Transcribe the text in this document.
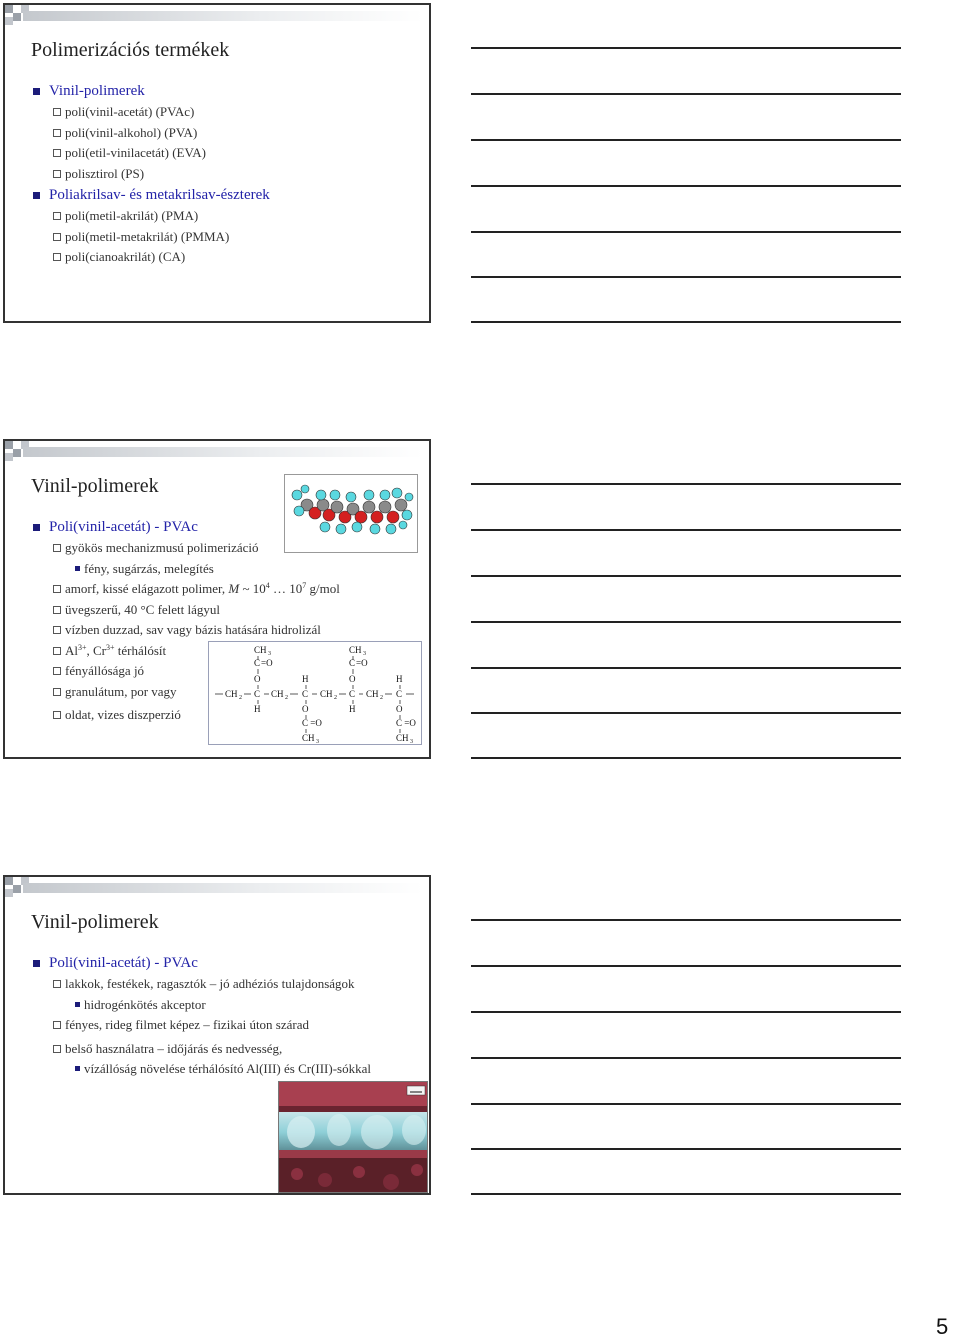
Polimerizációs termékek
Vinil-polimerek
poli(vinil-acetát) (PVAc)
poli(vinil-alkohol) (PVA)
poli(etil-vinilacetát) (EVA)
polisztirol (PS)
Poliakrilsav- és metakrilsav-észterek
poli(metil-akrilát) (PMA)
poli(metil-metakrilát) (PMMA)
poli(cianoakrilát) (CA)
Vinil-polimerek
Poli(vinil-acetát) - PVAc
gyökös mechanizmusú polimerizáció
fény, sugárzás, melegítés
amorf, kissé elágazott polimer, M ~ $10^4$ … $10^7$ g/mol
üvegszerű, 40 °C felett lágyul
vízben duzzad, sav vagy bázis hatására hidrolizál
$Al^{3+}$, $Cr^{3+}$ térhálósít
fényállósága jó
granulátum, por vagy
oldat, vizes diszperzió
CH 3	CH 3
C =O	C =O
O	H	O	H
CH 2 C CH 2 C CH 2 C CH 2 C
H	O	H	O
C =O	C =O
CH 3	CH 3
Vinil-polimerek
Poli(vinil-acetát) - PVAc
lakkok, festékek, ragasztók – jó adhéziós tulajdonságok
hidrogénkötés akceptor
fényes, rideg filmet képez – fizikai úton szárad
belső használatra – időjárás és nedvesség,
vízállóság növelése térhálósító Al(III) és Cr(III)-sókkal
5
